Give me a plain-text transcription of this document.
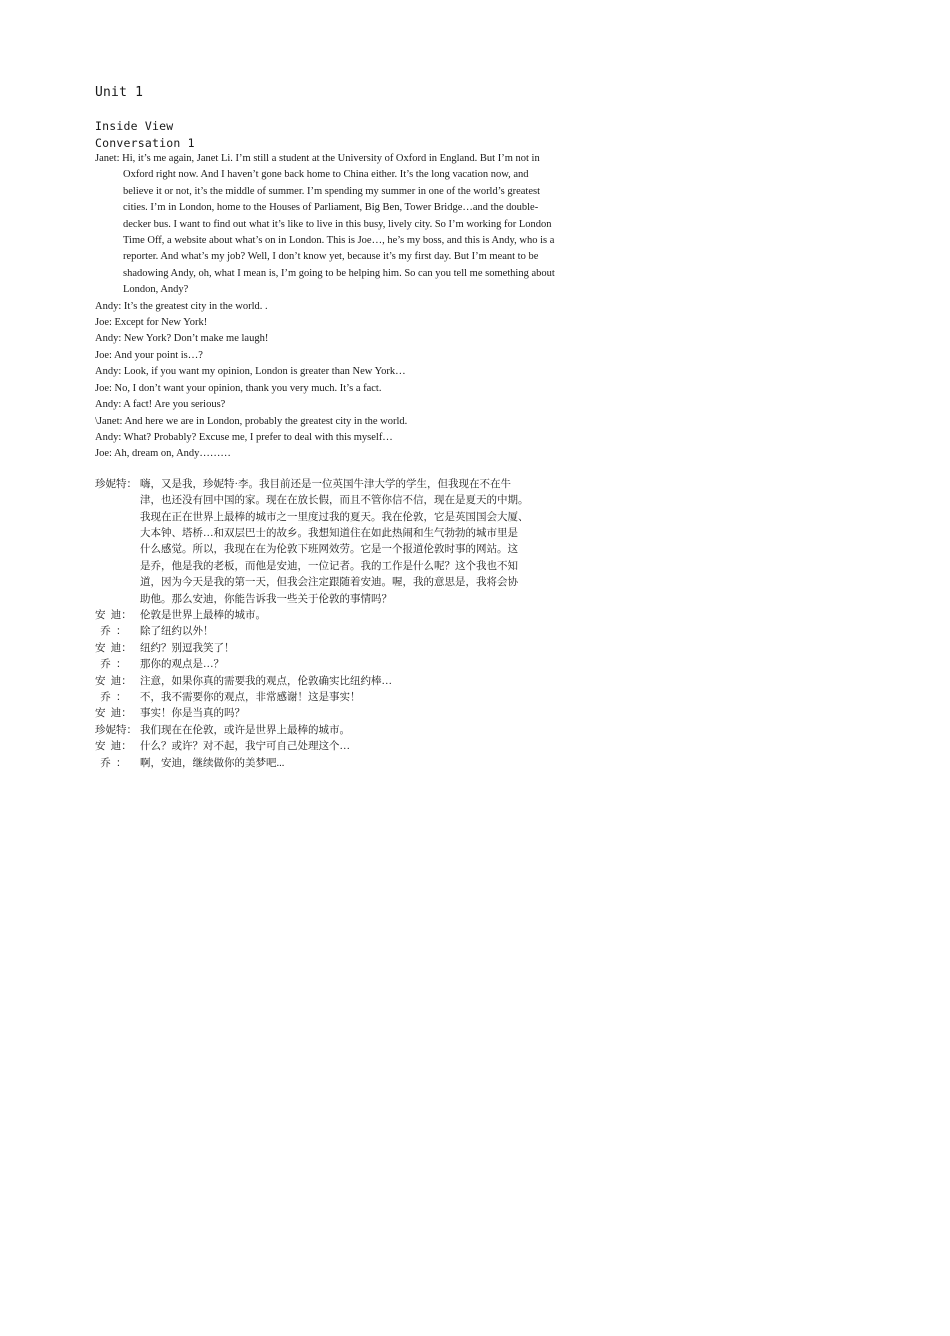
Unit 1
Inside View
Conversation 1
Janet: Hi, it’s me again, Janet Li. I’m still a student at the University of Oxford in England. But I’m not in Oxford right now. And I haven’t gone back home to China either. It’s the long vacation now, and believe it or not, it’s the middle of summer. I’m spending my summer in one of the world’s greatest cities. I’m in London, home to the Houses of Parliament, Big Ben, Tower Bridge…and the double-decker bus. I want to find out what it’s like to live in this busy, lively city. So I’m working for London Time Off, a website about what’s on in London. This is Joe…, he’s my boss, and this is Andy, who is a reporter. And what’s my job? Well, I don’t know yet, because it’s my first day. But I’m meant to be shadowing Andy, oh, what I mean is, I’m going to be helping him. So can you tell me something about London, Andy?
Andy: It’s the greatest city in the world. .
Joe: Except for New York!
Andy: New York? Don’t make me laugh!
Joe: And your point is…?
Andy: Look, if you want my opinion, London is greater than New York…
Joe: No, I don’t want your opinion, thank you very much. It’s a fact.
Andy: A fact! Are you serious?
\Janet: And here we are in London, probably the greatest city in the world.
Andy: What? Probably? Excuse me, I prefer to deal with this myself…
Joe: Ah, dream on, Andy………
珍妮特： 嗨，又是我，珍妮特·李。我目前还是一位英国牛津大学的学生，但我现在不在牛
津，也还没有回中国的家。现在在放长假，而且不管你信不信，现在是夏天的中期。
我现在正在世界上最棒的城市之一里度过我的夏天。我在伦敦，它是英国国会大厦、
大本钟、塔桥…和双层巴士的故乡。我想知道住在如此热闹和生气勃勃的城市里是
什么感觉。所以，我现在在为伦敦下班网效劳。它是一个报道伦敦时事的网站。这
是乔，他是我的老板，而他是安迪，一位记者。我的工作是什么呢？这个我也不知
道，因为今天是我的第一天，但我会注定跟随着安迪。喔，我的意思是，我将会协
助他。那么安迪，你能告诉我一些关于伦敦的事情吗？
安  迪： 伦敦是世界上最棒的城市。
乔  ：	除了纽约以外！
安  迪： 纽约？别逗我笑了！
乔  ：	那你的观点是…？
安  迪： 注意，如果你真的需要我的观点，伦敦确实比纽约棒…
乔  ：	不，我不需要你的观点，非常感谢！这是事实！
安  迪： 事实！你是当真的吗？
珍妮特： 我们现在在伦敦，或许是世界上最棒的城市。
安  迪： 什么？或许？对不起，我宁可自己处理这个…
乔  ：	啊，安迪，继续做你的美梦吧...
